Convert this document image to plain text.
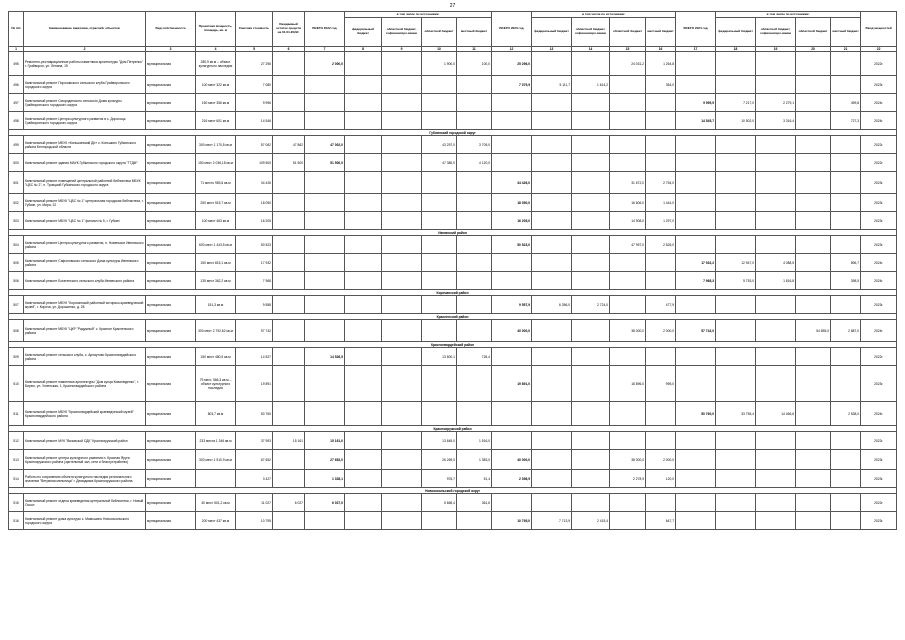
27
№ п/п	Наименование заказчика, отраслей, объектов	Вид собственности	Проектная мощность, площадь, кв. м	Сметная стоимость	Ожидаемый остаток средств на 01.01.2022г.	ВСЕГО 2022 год	в том числе по источникам:				ВСЕГО 2023 год	в том числе по источникам:				ВСЕГО 2024 год	в том числе по источникам:				Ввод мощностей
							федеральный бюджет	областной бюджет, софинансиро-вание	областной бюджет	местный бюджет		федеральный бюджет	областной бюджет, софинансиро-вание	областной бюджет	местный бюджет		федеральный бюджет	областной бюджет, софинансиро-вание	областной бюджет	местный бюджет	
1	2	3	4	5	6	7	8	9	10	11	12	13	14	15	16	17	18	19	20	21	22
495	Ремонтно-реставрационные работы памятника архитектуры "Дом Петренко" г. Грайворон, ул. Ленина, 19	муниципальная	280,9 кв.м – объект культурного наследия	27 296		2 000,0			1 900,0	100,0	25 296,0			24 031,2	1 264,8						2022г.
496	Капитальный ремонт Порозовского сельского клуба Грайворонского городского округа	муниципальная	100 мест 322 кв.м	7 080							7 079,9	5 111,7	1 614,2		354,0						2023г.
497	Капитальный ремонт Смородинского сельского Дома культуры Грайворонского городского округа	муниципальная	150 мест 356 кв.м	9 996												9 995,9	7 217,0	2 279,1		499,8	2024г.
498	Капитальный ремонт Центра культурного развития в с. Дорогощь Грайворонского городского округа	муниципальная	216 мест 601 кв.м	14 546												14 545,7	10 502,0	3 316,4		727,3	2024г.
Губкинский городской округ																					
499	Капитальный ремонт МБУК «Коньшинский ДК» с. Коньшино Губкинского района Белгородской области	муниципальная	300 мест 1 170,5 кв.м	57 062	47 862	47 002,0			43 297,0	3 705,0											2022г.
500	Капитальный ремонт здания МАУК Губкинского городского округа "ГТДМ"	муниципальная	150 мест 2 036,18 кв.м	109 500	51 500	51 500,0			47 380,0	4 120,0											2022г.
501	Капитальный ремонт помещений центральной районной библиотеки МБУК "ЦБС № 2", п. Троицкий Губкинского городского округа	муниципальная	71 место 983,6 кв.м	34 426							34 426,0			31 672,0	2 754,0						2023г.
502	Капитальный ремонт МБУК "ЦБС № 1" центральная городская библиотека, г. Губкин, ул. Мира, 22	муниципальная	250 мест 515,7 кв.м	18 050							18 050,0			16 606,0	1 444,0						2023г.
503	Капитальный ремонт МБУК "ЦБС № 1" филиал № 5, г. Губкин	муниципальная	100 мест 463 кв.м	16 205							16 205,0			14 908,0	1 297,0						2023г.
Ивнянский район																					
504	Капитальный ремонт Центра культурного развития, п. Новенькое Ивнянского района	муниципальная	600 мест 1 443,5 кв.м	50 523							50 523,0			47 997,0	2 526,0						2023г.
505	Капитальный ремонт Сафоновского сельского Дома культуры Ивнянского района	муниципальная	150 мест 815,1 кв.м	17 932												17 932,2	12 947,0	4 088,5		896,7	2024г.
506	Капитальный ремонт Богатенского сельского клуба Ивнянского района	муниципальная	135 мест 362,2 кв.м	7 968												7 968,3	5 753,0	1 816,8		398,5	2024г.
Корочанский район																					
507	Капитальный ремонт МБУК "Корочанский районный историко-краеведческий музей", г. Короча, ул. Дорошенко, д. 28	муниципальная	151,3 кв.м	9 558							9 557,9	6 356,0	2 724,0		477,9						2023г.
Красненский район																					
508	Капитальный ремонт МБУК "ЦКР "Радужный" с. Красное Красненского района	муниципальная	300 мест 2 792,62 кв.м	97 742							40 000,0			38 000,0	2 000,0	57 742,0			54 855,0	2 887,0	2024г.
Красногвардейский район																					
509	Капитальный ремонт сельского клуба, с. Арнаутово Красногвардейского района	муниципальная	150 мест 480,5 кв.м	14 527		14 526,5			13 800,1	726,4											2022г.
510	Капитальный ремонт памятника архитектуры "Дом купца Ковалюденко", г. Бирюч, ул. Успенская, 1, Красногвардейского района	муниципальная	79 мест, 566,3 кв.м – объект культурного наследия	19 891							19 891,0			18 896,0	995,0						2023г.
511	Капитальный ремонт МБУК "Красногвардейский краеведческий музей" Красногвардейского района	муниципальная	803,7 кв.м	50 760												50 760,0	33 755,4	14 466,6		2 538,0	2024г.
Краснояружский район																					
512	Капитальный ремонт МУК "Вязовской СДК" Краснояружский район	муниципальная	233 места 1 346 кв.м	37 993	15 161	15 161,0			13 645,0	1 516,0											2022г.
513	Капитальный ремонт центра культурного развития п. Красная Яруга Краснояружского района (зрительный зал, сети и благоустройство)	муниципальная	300 мест 1 910,9 кв.м	67 652		27 652,0			26 269,0	1 383,0	40 000,0			38 000,0	2 000,0						2023г.
514	Работы по сохранению объекта культурного наследия регионального значения "Ветряная мельница" г. Демидовка Краснояружского района	муниципальная		3 427		1 028,1			976,7	51,4	2 398,9			2 278,9	120,0						2023г.
Новооскольский городской округ																					
515	Капитальный ремонт отдела краеведения центральной библиотеки, г. Новый Оскол	муниципальная	40 мест 501,2 кв.м	11 027	6 027	6 027,0			5 665,4	361,6											2022г.
516	Капитальный ремонт дома культуры с. Мамошино Новооскольского городского округа	муниципальная	200 мест 437 кв.м	10 795							10 795,0	7 713,9	2 415,4		647,7						2023г.
